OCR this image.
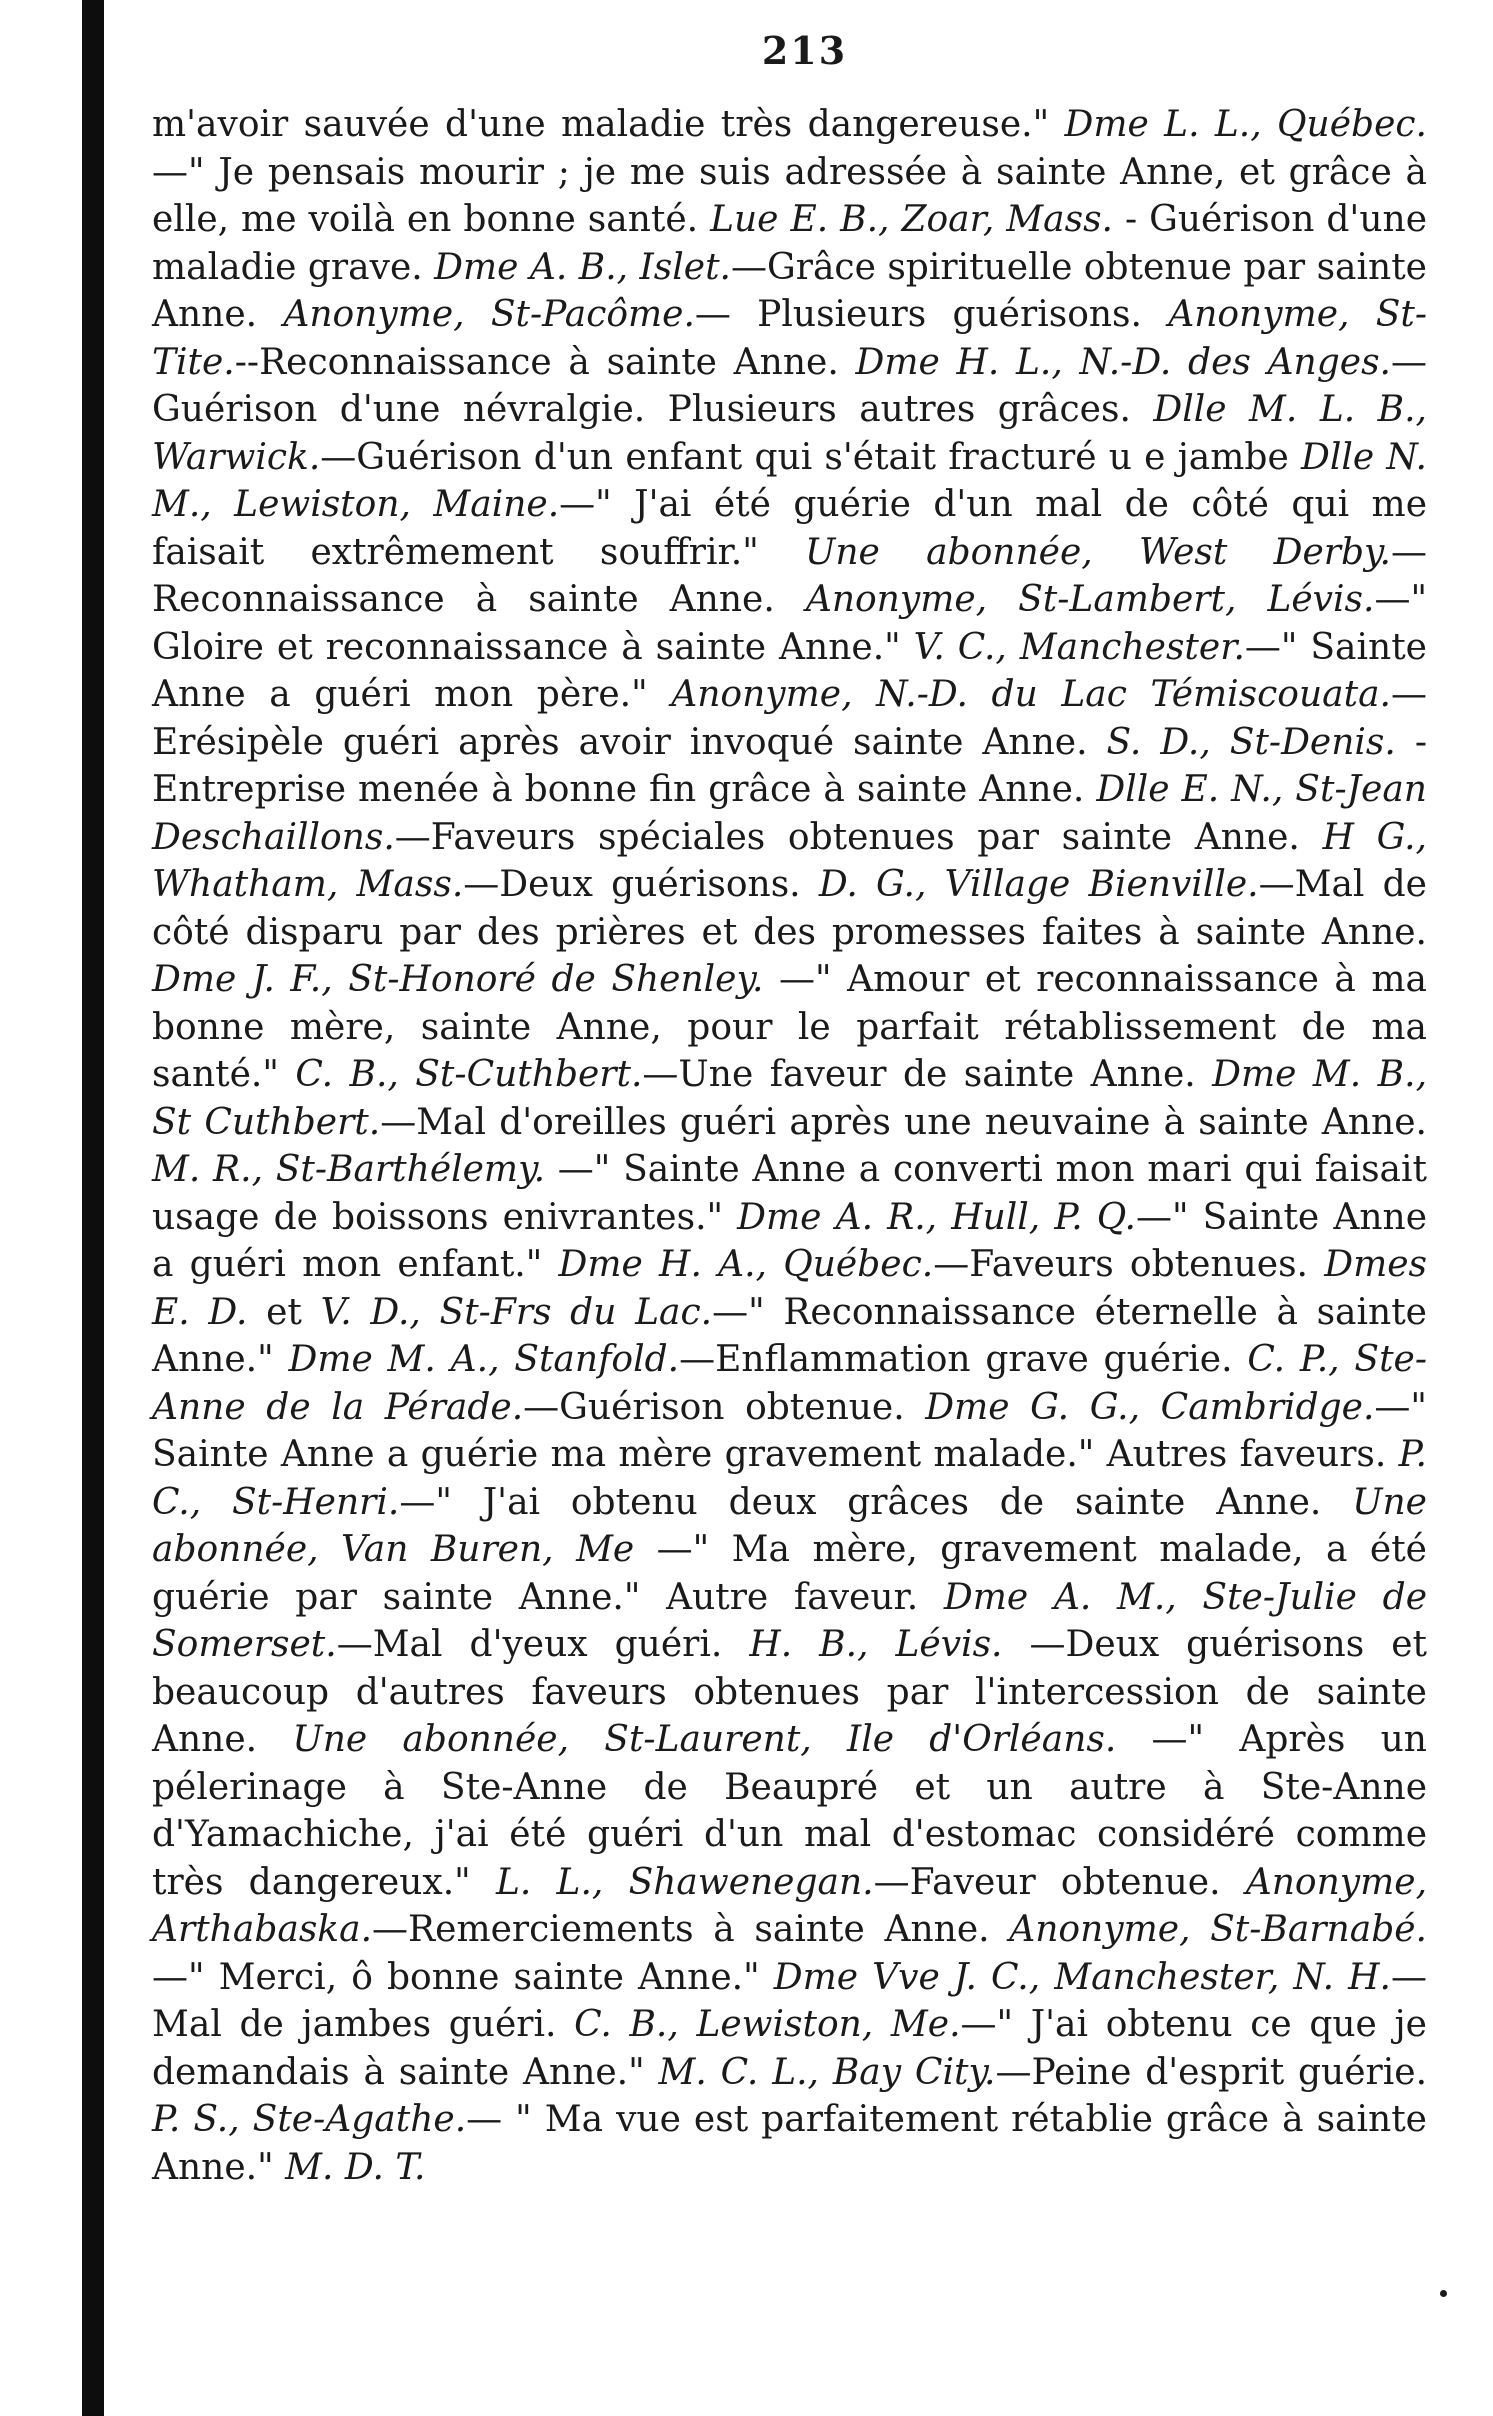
213

m'avoir sauvée d'une maladie très dangereuse." Dme L. L., Québec.—" Je pensais mourir ; je me suis adressée à sainte Anne, et grâce à elle, me voilà en bonne santé. Lue E. B., Zoar, Mass. - Guérison d'une maladie grave. Dme A. B., Islet.—Grâce spirituelle obtenue par sainte Anne. Anonyme, St-Pacôme.— Plusieurs guérisons. Anonyme, St-Tite.--Reconnaissance à sainte Anne. Dme H. L., N.-D. des Anges.—Guérison d'une névralgie. Plusieurs autres grâces. Dlle M. L. B., Warwick.—Guérison d'un enfant qui s'était fracturé u e jambe Dlle N. M., Lewiston, Maine.—" J'ai été guérie d'un mal de côté qui me faisait extrêmement souffrir." Une abonnée, West Derby.—Reconnaissance à sainte Anne. Anonyme, St-Lambert, Lévis.—" Gloire et reconnaissance à sainte Anne." V. C., Manchester.—" Sainte Anne a guéri mon père." Anonyme, N.-D. du Lac Témiscouata.— Erésipèle guéri après avoir invoqué sainte Anne. S. D., St-Denis. -Entreprise menée à bonne fin grâce à sainte Anne. Dlle E. N., St-Jean Deschaillons.—Faveurs spéciales obtenues par sainte Anne. H G., Whatham, Mass.—Deux guérisons. D. G., Village Bienville.—Mal de côté disparu par des prières et des promesses faites à sainte Anne. Dme J. F., St-Honoré de Shenley. —" Amour et reconnaissance à ma bonne mère, sainte Anne, pour le parfait rétablissement de ma santé." C. B., St-Cuthbert.—Une faveur de sainte Anne. Dme M. B., St Cuthbert.—Mal d'oreilles guéri après une neuvaine à sainte Anne. M. R., St-Barthélemy. —" Sainte Anne a converti mon mari qui faisait usage de boissons enivrantes." Dme A. R., Hull, P. Q.—" Sainte Anne a guéri mon enfant." Dme H. A., Québec.—Faveurs obtenues. Dmes E. D. et V. D., St-Frs du Lac.—" Reconnaissance éternelle à sainte Anne." Dme M. A., Stanfold.—Enflammation grave guérie. C. P., Ste-Anne de la Pérade.—Guérison obtenue. Dme G. G., Cambridge.—" Sainte Anne a guérie ma mère gravement malade." Autres faveurs. P. C., St-Henri.—" J'ai obtenu deux grâces de sainte Anne. Une abonnée, Van Buren, Me —" Ma mère, gravement malade, a été guérie par sainte Anne." Autre faveur. Dme A. M., Ste-Julie de Somerset.—Mal d'yeux guéri. H. B., Lévis. —Deux guérisons et beaucoup d'autres faveurs obtenues par l'intercession de sainte Anne. Une abonnée, St-Laurent, Ile d'Orléans. —" Après un pélerinage à Ste-Anne de Beaupré et un autre à Ste-Anne d'Yamachiche, j'ai été guéri d'un mal d'estomac considéré comme très dangereux." L. L., Shawenegan.—Faveur obtenue. Anonyme, Arthabaska.—Remerciements à sainte Anne. Anonyme, St-Barnabé.—" Merci, ô bonne sainte Anne." Dme Vve J. C., Manchester, N. H.—Mal de jambes guéri. C. B., Lewiston, Me.—" J'ai obtenu ce que je demandais à sainte Anne." M. C. L., Bay City.—Peine d'esprit guérie. P. S., Ste-Agathe.— " Ma vue est parfaitement rétablie grâce à sainte Anne." M. D. T.
